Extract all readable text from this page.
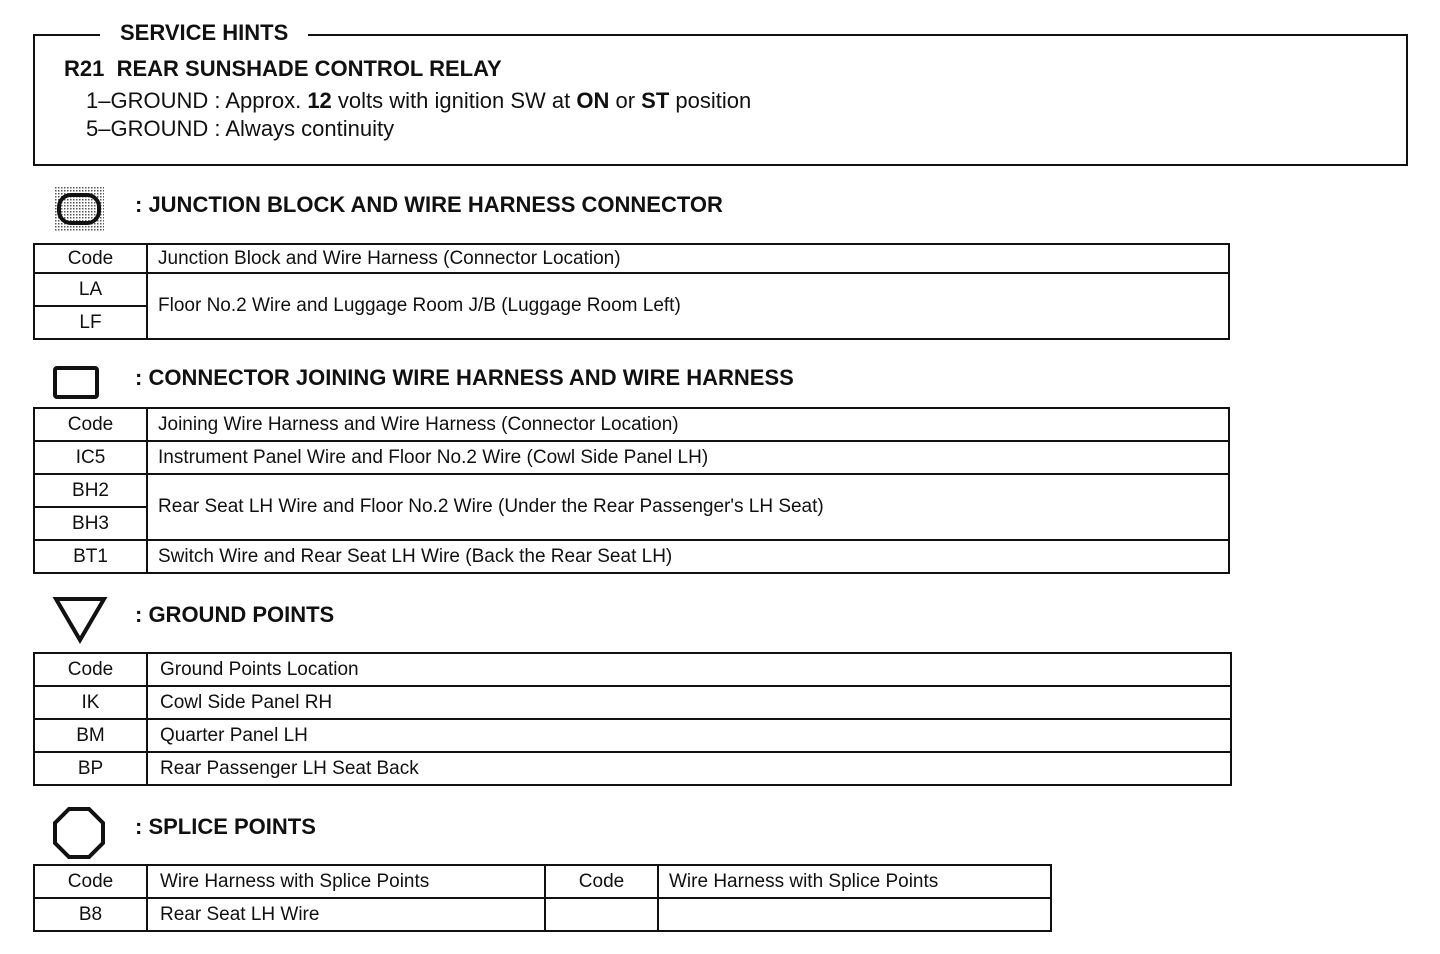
SERVICE HINTS
R21  REAR SUNSHADE CONTROL RELAY
1–GROUND : Approx. 12 volts with ignition SW at ON or ST position
5–GROUND : Always continuity
: JUNCTION BLOCK AND WIRE HARNESS CONNECTOR
Code	Junction Block and Wire Harness (Connector Location)
LA	Floor No.2 Wire and Luggage Room J/B (Luggage Room Left)
LF	
: CONNECTOR JOINING WIRE HARNESS AND WIRE HARNESS
Code	Joining Wire Harness and Wire Harness (Connector Location)
IC5	Instrument Panel Wire and Floor No.2 Wire (Cowl Side Panel LH)
BH2	Rear Seat LH Wire and Floor No.2 Wire (Under the Rear Passenger's LH Seat)
BH3	
BT1	Switch Wire and Rear Seat LH Wire (Back the Rear Seat LH)
: GROUND POINTS
Code	Ground Points Location
IK	Cowl Side Panel RH
BM	Quarter Panel LH
BP	Rear Passenger LH Seat Back
: SPLICE POINTS
Code	Wire Harness with Splice Points	Code	Wire Harness with Splice Points
B8	Rear Seat LH Wire		
